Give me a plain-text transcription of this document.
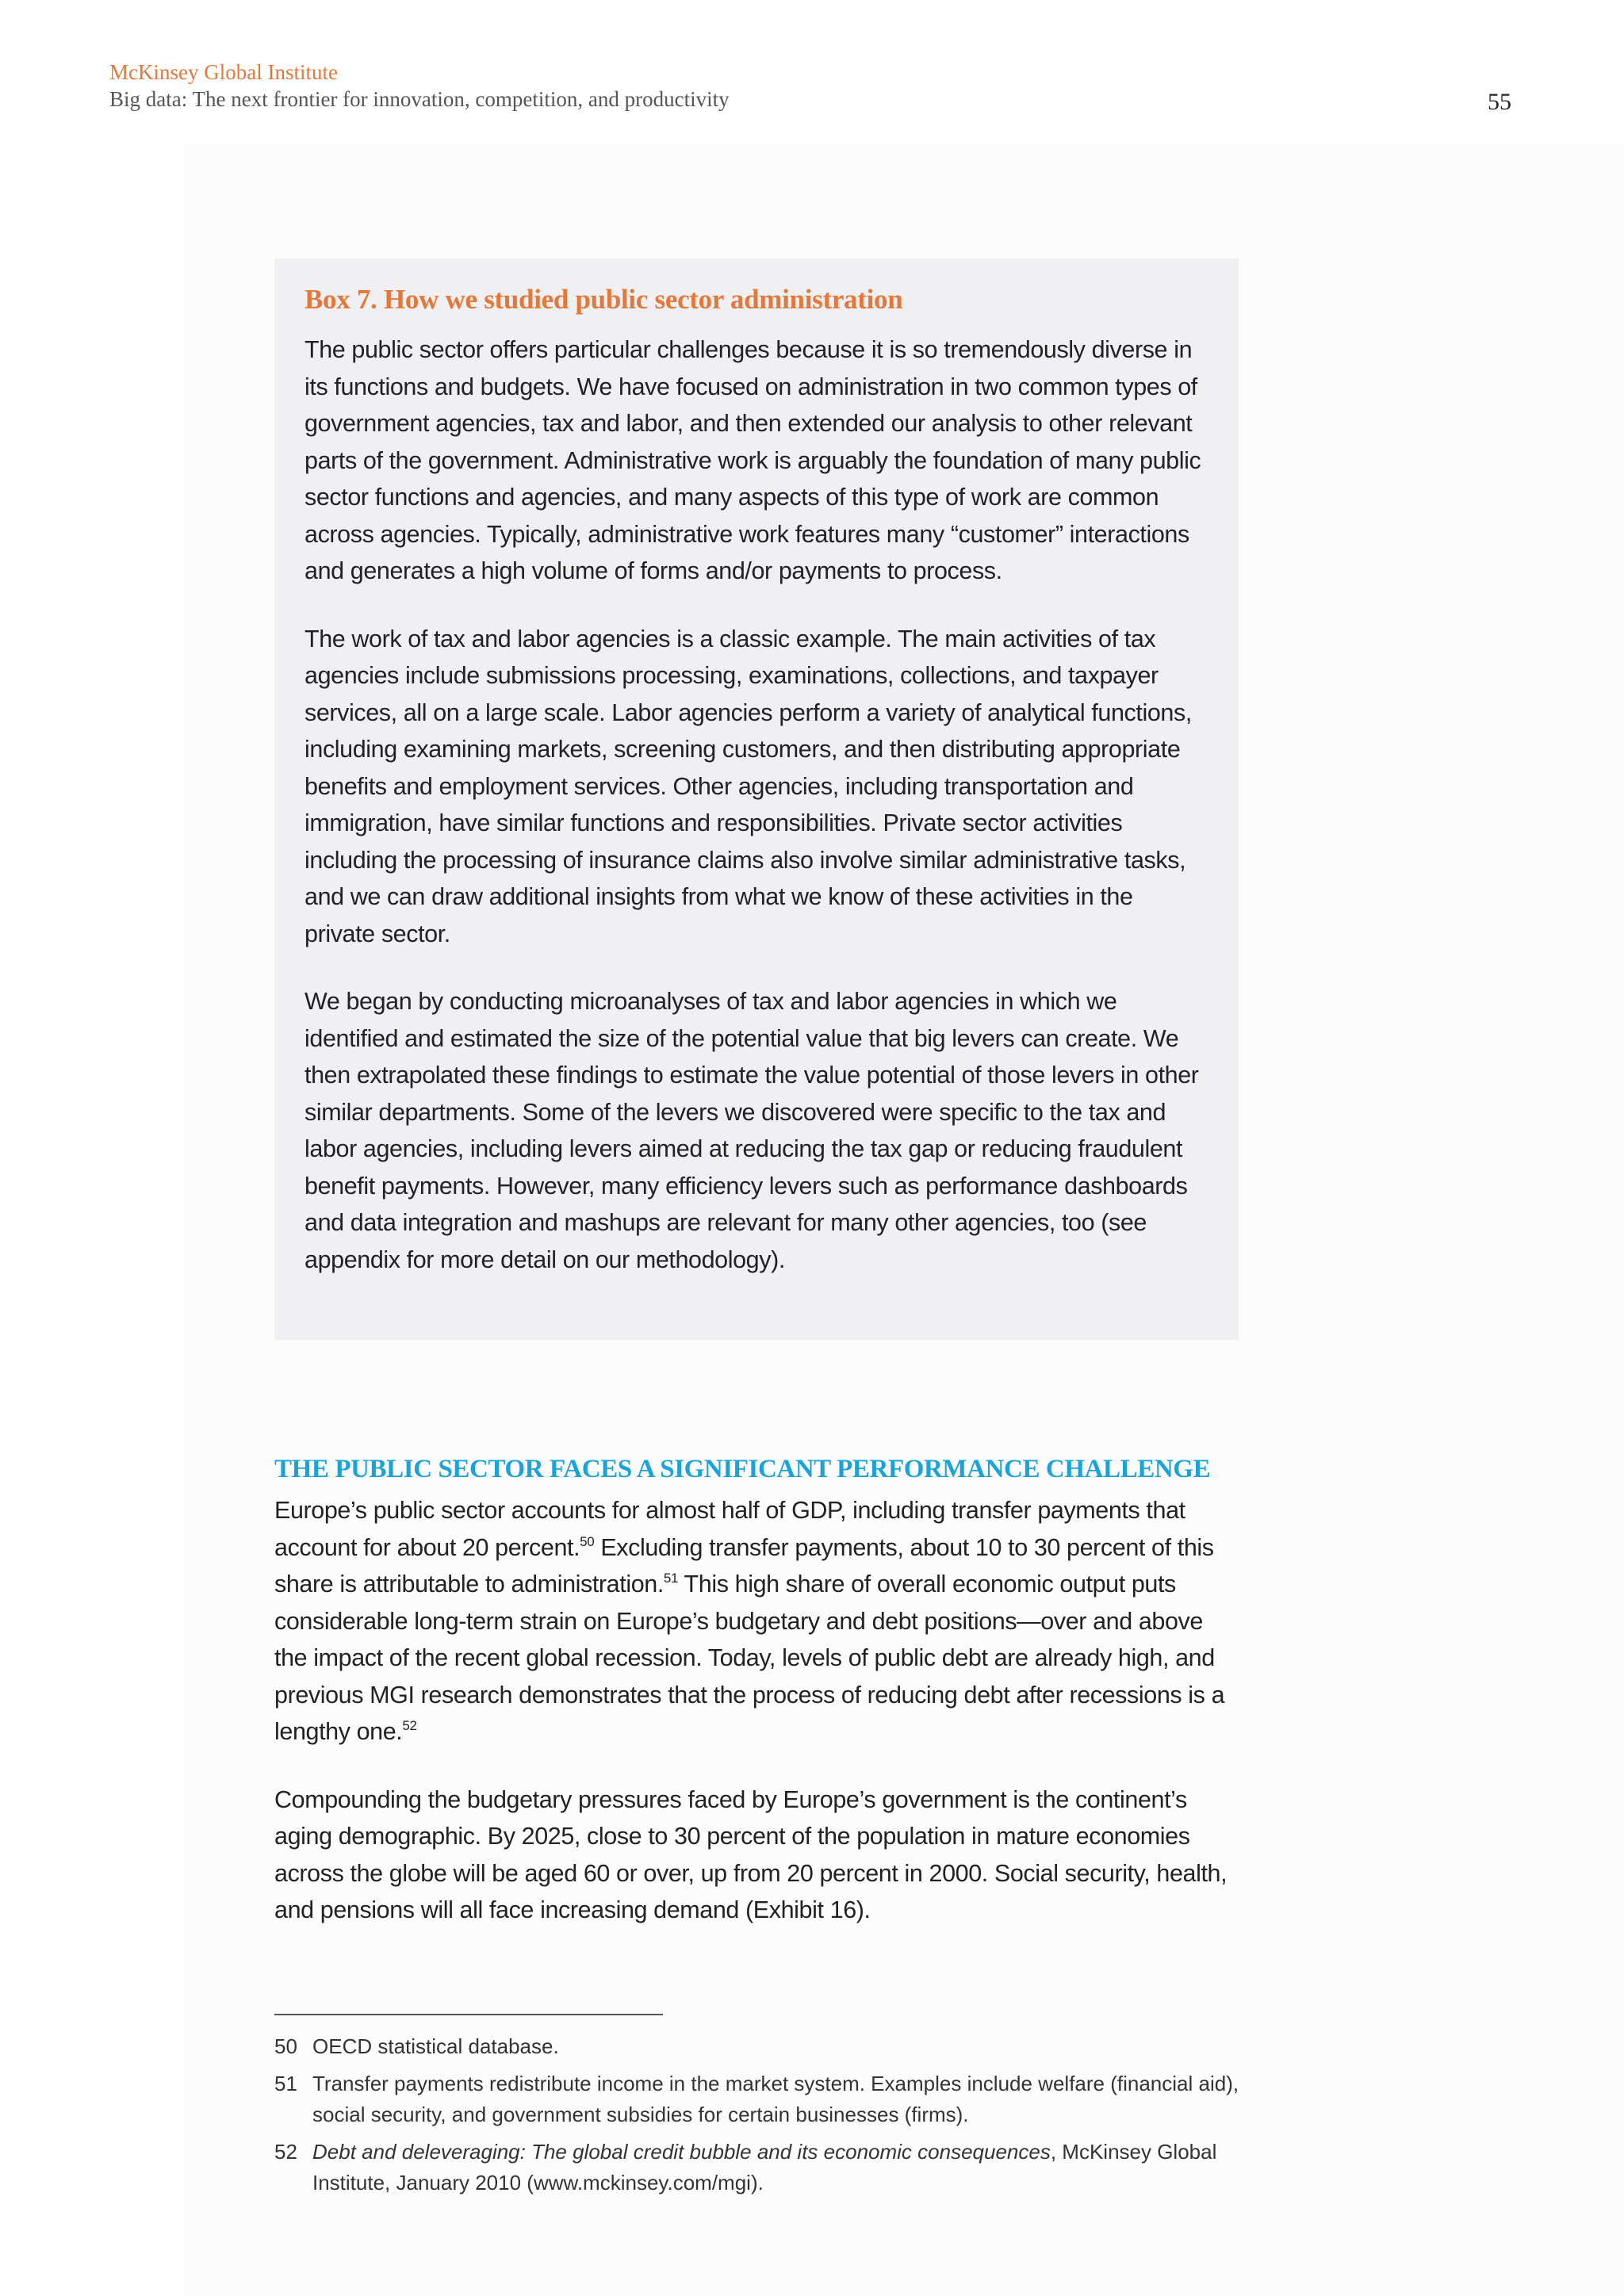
McKinsey Global Institute
Big data: The next frontier for innovation, competition, and productivity	55
Box 7. How we studied public sector administration

The public sector offers particular challenges because it is so tremendously diverse in its functions and budgets. We have focused on administration in two common types of government agencies, tax and labor, and then extended our analysis to other relevant parts of the government. Administrative work is arguably the foundation of many public sector functions and agencies, and many aspects of this type of work are common across agencies. Typically, administrative work features many “customer” interactions and generates a high volume of forms and/or payments to process.

The work of tax and labor agencies is a classic example. The main activities of tax agencies include submissions processing, examinations, collections, and taxpayer services, all on a large scale. Labor agencies perform a variety of analytical functions, including examining markets, screening customers, and then distributing appropriate benefits and employment services. Other agencies, including transportation and immigration, have similar functions and responsibilities. Private sector activities including the processing of insurance claims also involve similar administrative tasks, and we can draw additional insights from what we know of these activities in the private sector.

We began by conducting microanalyses of tax and labor agencies in which we identified and estimated the size of the potential value that big levers can create. We then extrapolated these findings to estimate the value potential of those levers in other similar departments. Some of the levers we discovered were specific to the tax and labor agencies, including levers aimed at reducing the tax gap or reducing fraudulent benefit payments. However, many efficiency levers such as performance dashboards and data integration and mashups are relevant for many other agencies, too (see appendix for more detail on our methodology).

THE PUBLIC SECTOR FACES A SIGNIFICANT PERFORMANCE CHALLENGE

Europe’s public sector accounts for almost half of GDP, including transfer payments that account for about 20 percent.$^{50}$ Excluding transfer payments, about 10 to 30 percent of this share is attributable to administration.$^{51}$ This high share of overall economic output puts considerable long-term strain on Europe’s budgetary and debt positions—over and above the impact of the recent global recession. Today, levels of public debt are already high, and previous MGI research demonstrates that the process of reducing debt after recessions is a lengthy one.$^{52}$

Compounding the budgetary pressures faced by Europe’s government is the continent’s aging demographic. By 2025, close to 30 percent of the population in mature economies across the globe will be aged 60 or over, up from 20 percent in 2000. Social security, health, and pensions will all face increasing demand (Exhibit 16).

50 OECD statistical database.
51 Transfer payments redistribute income in the market system. Examples include welfare (financial aid), social security, and government subsidies for certain businesses (firms).
52 Debt and deleveraging: The global credit bubble and its economic consequences, McKinsey Global Institute, January 2010 (www.mckinsey.com/mgi).
